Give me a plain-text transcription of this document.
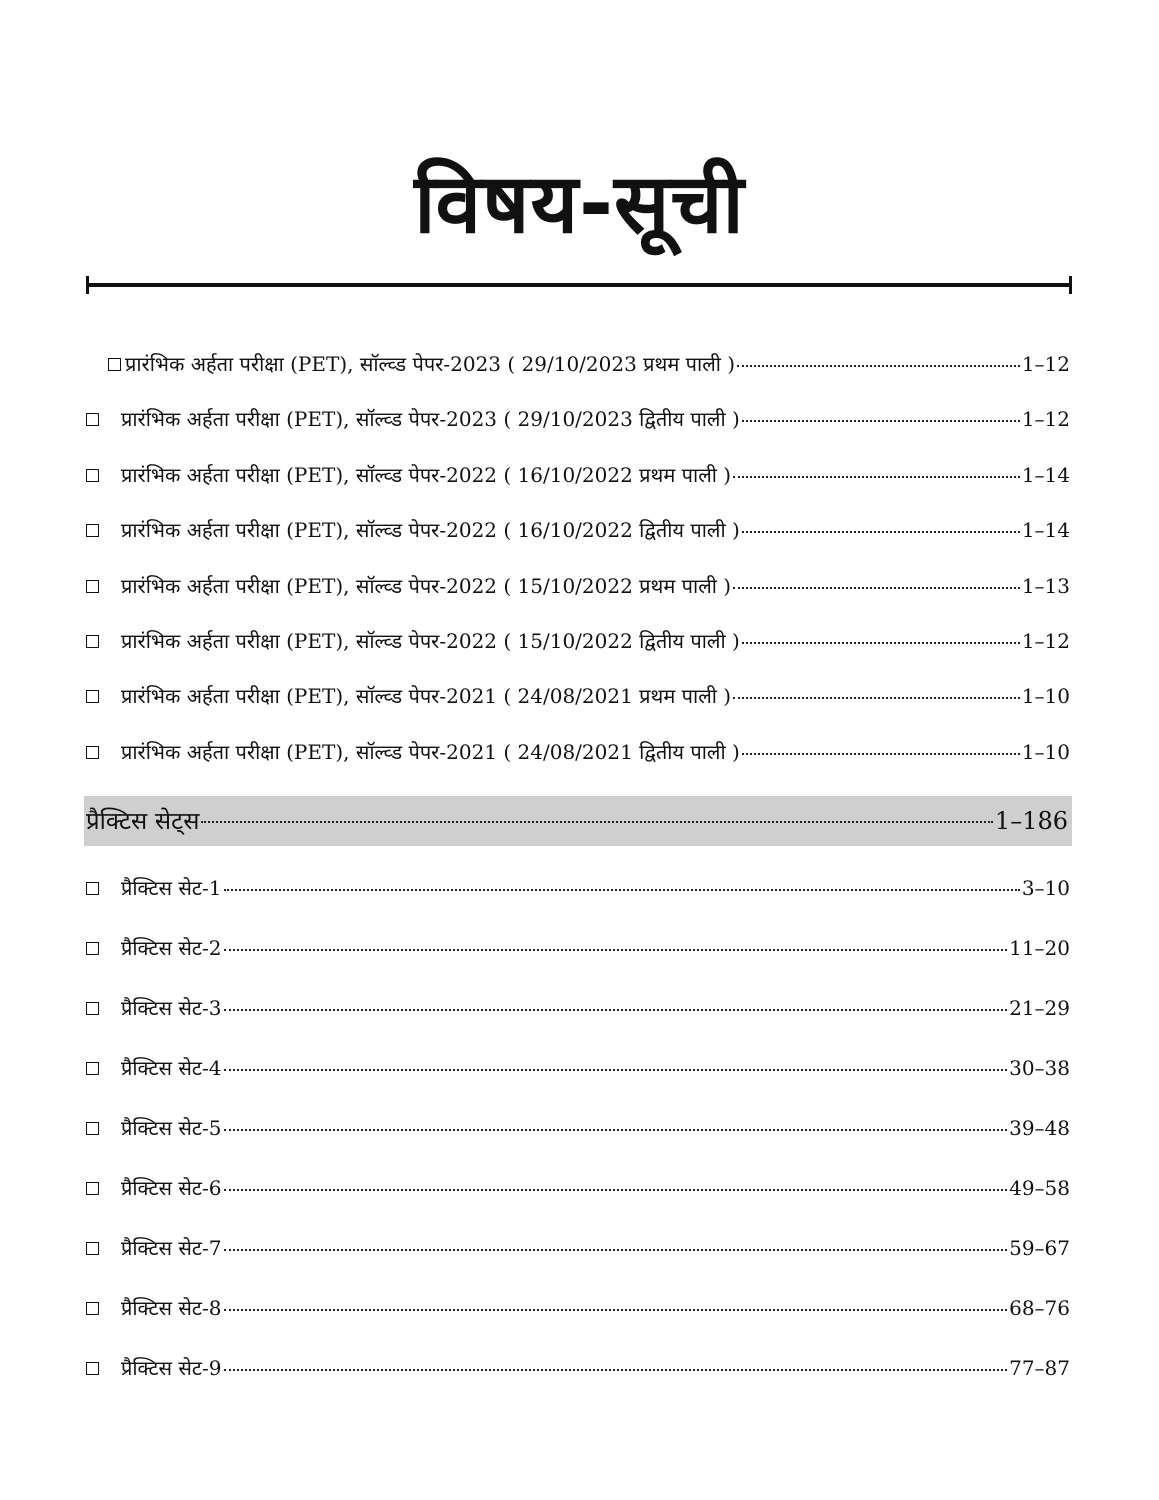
विषय-सूची
प्रारंभिक अर्हता परीक्षा (PET), सॉल्व्ड पेपर-2023 ( 29/10/2023 प्रथम पाली )	1–12
प्रारंभिक अर्हता परीक्षा (PET), सॉल्व्ड पेपर-2023 ( 29/10/2023 द्वितीय पाली )	1–12
प्रारंभिक अर्हता परीक्षा (PET), सॉल्व्ड पेपर-2022 ( 16/10/2022 प्रथम पाली )	1–14
प्रारंभिक अर्हता परीक्षा (PET), सॉल्व्ड पेपर-2022 ( 16/10/2022 द्वितीय पाली )	1–14
प्रारंभिक अर्हता परीक्षा (PET), सॉल्व्ड पेपर-2022 ( 15/10/2022 प्रथम पाली )	1–13
प्रारंभिक अर्हता परीक्षा (PET), सॉल्व्ड पेपर-2022 ( 15/10/2022 द्वितीय पाली )	1–12
प्रारंभिक अर्हता परीक्षा (PET), सॉल्व्ड पेपर-2021 ( 24/08/2021 प्रथम पाली )	1–10
प्रारंभिक अर्हता परीक्षा (PET), सॉल्व्ड पेपर-2021 ( 24/08/2021 द्वितीय पाली )	1–10
प्रैक्टिस सेट्स	1–186
प्रैक्टिस सेट-1	3–10
प्रैक्टिस सेट-2	11–20
प्रैक्टिस सेट-3	21–29
प्रैक्टिस सेट-4	30–38
प्रैक्टिस सेट-5	39–48
प्रैक्टिस सेट-6	49–58
प्रैक्टिस सेट-7	59–67
प्रैक्टिस सेट-8	68–76
प्रैक्टिस सेट-9	77–87
